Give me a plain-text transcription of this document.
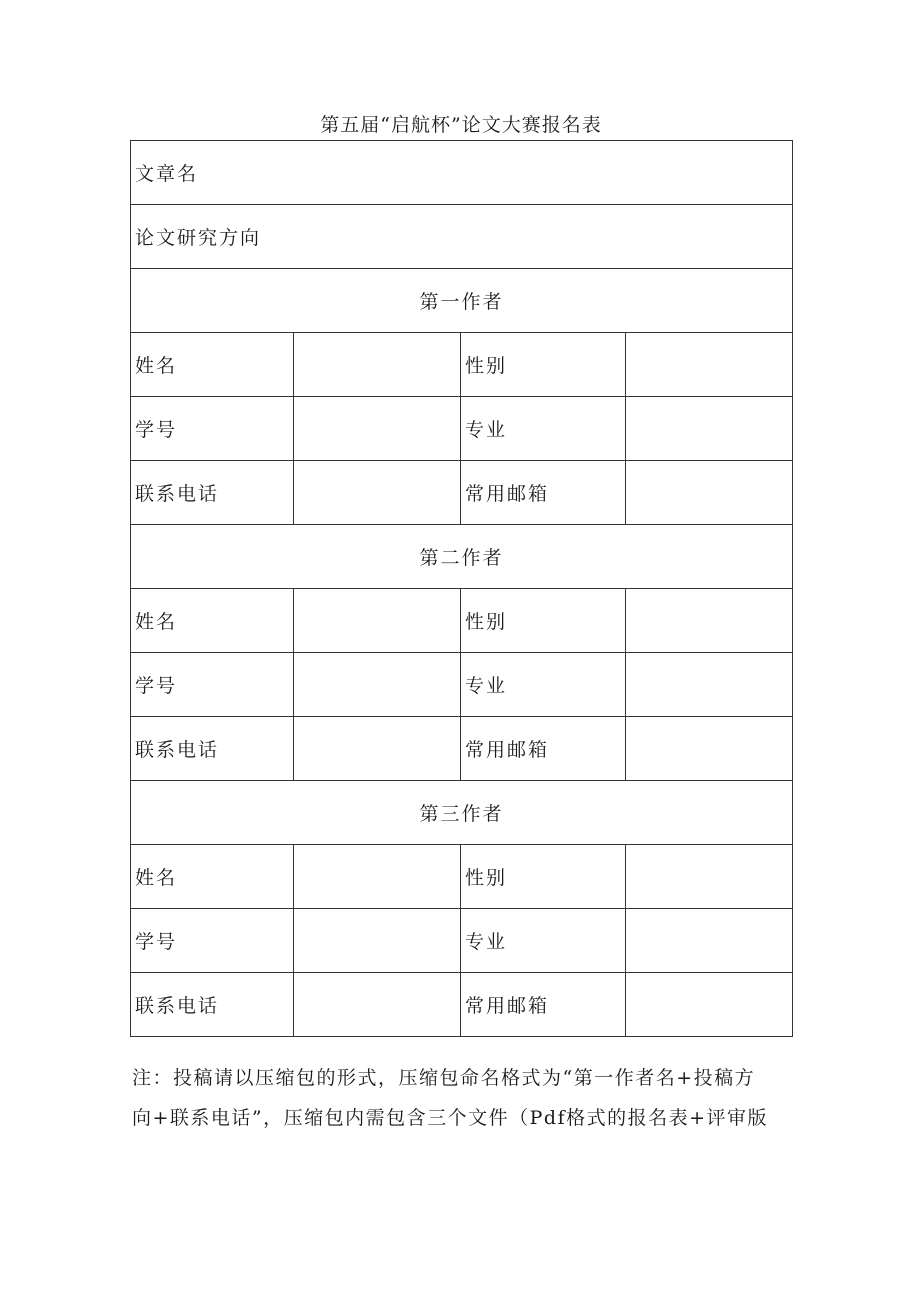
第五届“启航杯”论文大赛报名表
文章名			
论文研究方向			
第一作者			
姓名		性别	
学号		专业	
联系电话		常用邮箱	
第二作者			
姓名		性别	
学号		专业	
联系电话		常用邮箱	
第三作者			
姓名		性别	
学号		专业	
联系电话		常用邮箱	

注：投稿请以压缩包的形式，压缩包命名格式为“第一作者名+投稿方

向+联系电话”，压缩包内需包含三个文件（Pdf格式的报名表+评审版
